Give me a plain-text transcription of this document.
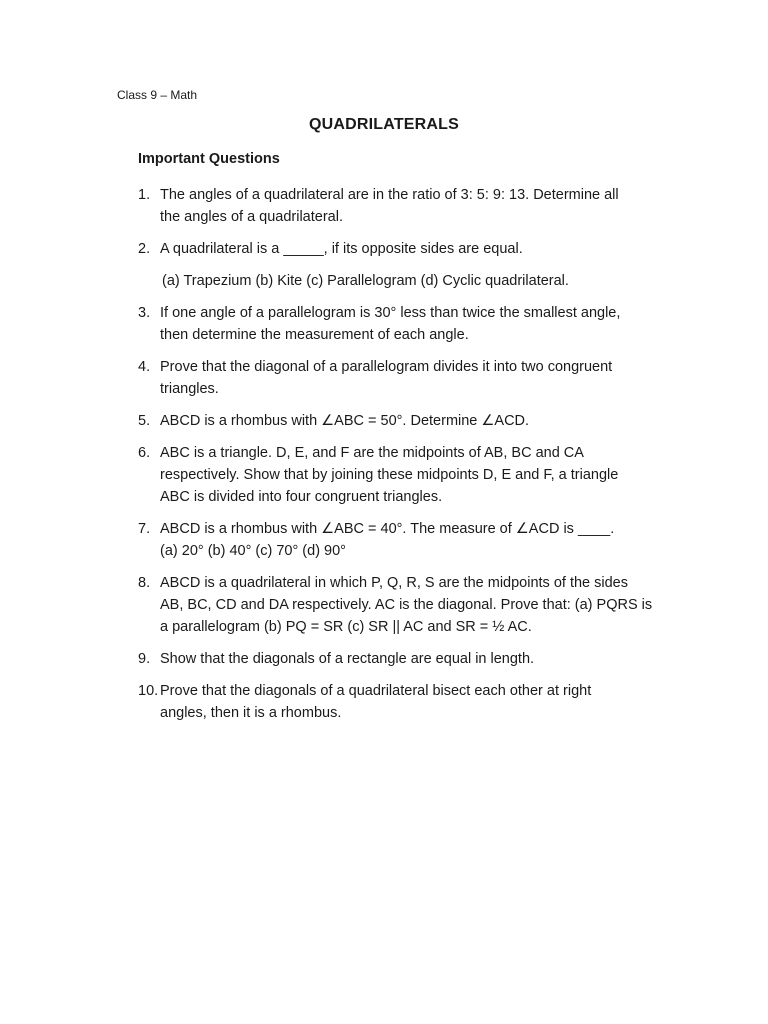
Class 9 – Math
QUADRILATERALS
Important Questions
1. The angles of a quadrilateral are in the ratio of 3: 5: 9: 13. Determine all
the angles of a quadrilateral.
2. A quadrilateral is a _____, if its opposite sides are equal.
(a) Trapezium (b) Kite (c) Parallelogram (d) Cyclic quadrilateral.
3. If one angle of a parallelogram is 30° less than twice the smallest angle,
then determine the measurement of each angle.
4. Prove that the diagonal of a parallelogram divides it into two congruent
triangles.
5. ABCD is a rhombus with ∠ABC = 50°. Determine ∠ACD.
6. ABC is a triangle. D, E, and F are the midpoints of AB, BC and CA
respectively. Show that by joining these midpoints D, E and F, a triangle
ABC is divided into four congruent triangles.
7. ABCD is a rhombus with ∠ABC = 40°. The measure of ∠ACD is ____.
(a) 20° (b) 40° (c) 70° (d) 90°
8. ABCD is a quadrilateral in which P, Q, R, S are the midpoints of the sides
AB, BC, CD and DA respectively. AC is the diagonal. Prove that: (a) PQRS is
a parallelogram (b) PQ = SR (c) SR || AC and SR = ½ AC.
9. Show that the diagonals of a rectangle are equal in length.
10. Prove that the diagonals of a quadrilateral bisect each other at right
angles, then it is a rhombus.
